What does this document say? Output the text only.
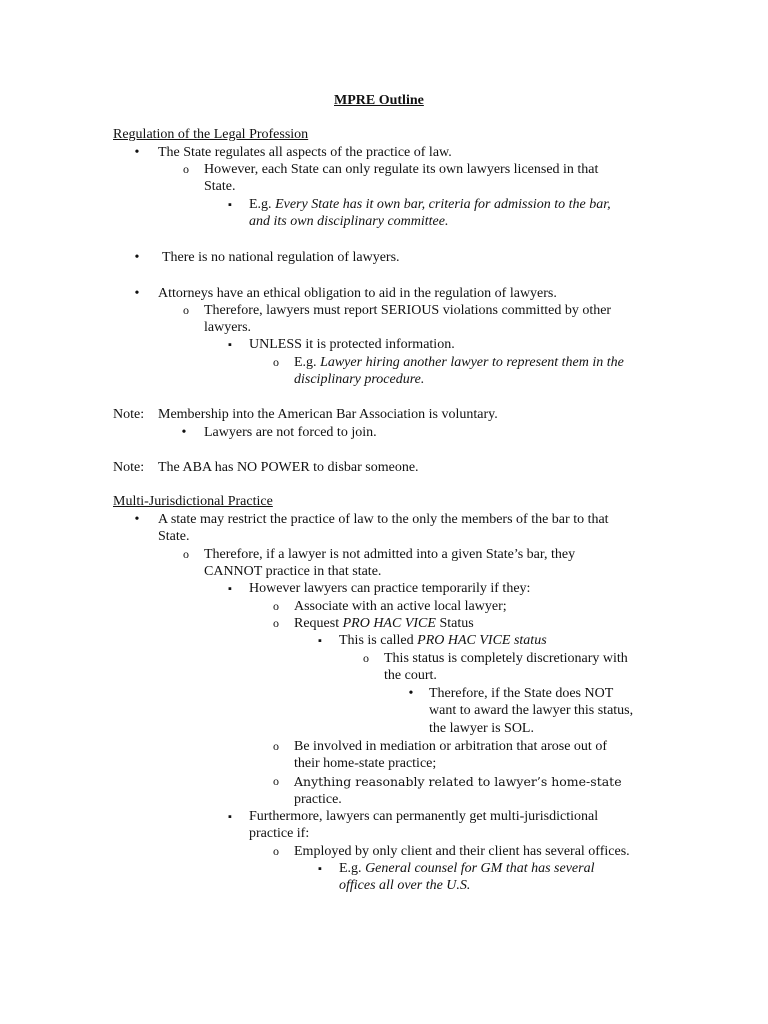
MPRE Outline
Regulation of the Legal Profession
•
The State regulates all aspects of the practice of law.
o
However, each State can only regulate its own lawyers licensed in that
State.
▪
E.g. Every State has it own bar, criteria for admission to the bar,
and its own disciplinary committee.
•
There is no national regulation of lawyers.
•
Attorneys have an ethical obligation to aid in the regulation of lawyers.
o
Therefore, lawyers must report SERIOUS violations committed by other
lawyers.
▪
UNLESS it is protected information.
o
E.g. Lawyer hiring another lawyer to represent them in the
disciplinary procedure.
Note: Membership into the American Bar Association is voluntary.
•
Lawyers are not forced to join.
Note: The ABA has NO POWER to disbar someone.
Multi-Jurisdictional Practice
•
A state may restrict the practice of law to the only the members of the bar to that
State.
o
Therefore, if a lawyer is not admitted into a given State’s bar, they
CANNOT practice in that state.
▪
However lawyers can practice temporarily if they:
o
Associate with an active local lawyer;
o
Request PRO HAC VICE Status
▪
This is called PRO HAC VICE status
o
This status is completely discretionary with
the court.
•
Therefore, if the State does NOT
want to award the lawyer this status,
the lawyer is SOL.
o
Be involved in mediation or arbitration that arose out of
their home-state practice;
o
Anything reasonably related to lawyer’s home-state
practice.
▪
Furthermore, lawyers can permanently get multi-jurisdictional
practice if:
o
Employed by only client and their client has several offices.
▪
E.g. General counsel for GM that has several
offices all over the U.S.
